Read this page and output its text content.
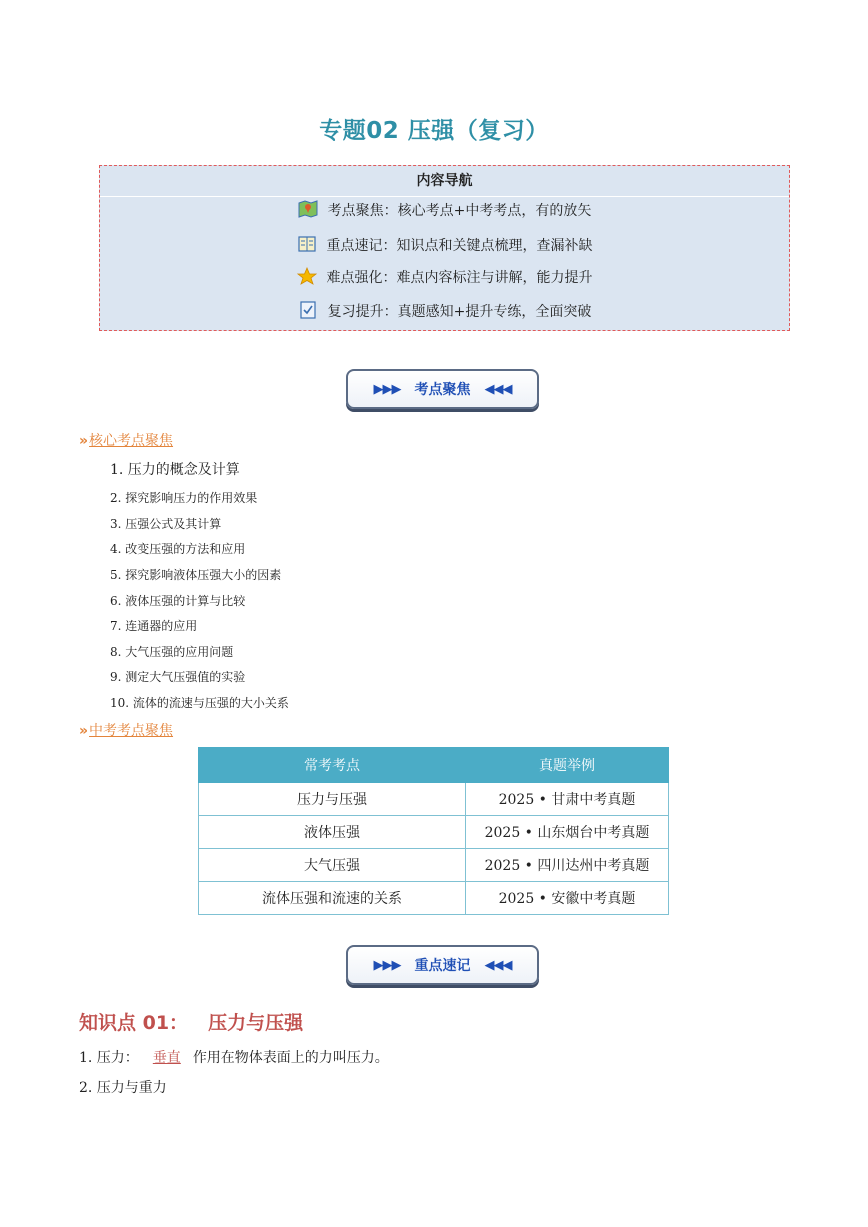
专题02 压强（复习）
内容导航
考点聚焦：核心考点+中考考点，有的放矢
重点速记：知识点和关键点梳理，查漏补缺
难点强化：难点内容标注与讲解，能力提升
复习提升：真题感知+提升专练，全面突破
▶▶▶ 考点聚焦 ◀◀◀
»核心考点聚焦
1. 压力的概念及计算
2. 探究影响压力的作用效果
3. 压强公式及其计算
4. 改变压强的方法和应用
5. 探究影响液体压强大小的因素
6. 液体压强的计算与比较
7. 连通器的应用
8. 大气压强的应用问题
9. 测定大气压强值的实验
10. 流体的流速与压强的大小关系
»中考考点聚焦
常考考点	真题举例
压力与压强	2025 • 甘肃中考真题
液体压强	2025 • 山东烟台中考真题
大气压强	2025 • 四川达州中考真题
流体压强和流速的关系	2025 • 安徽中考真题
▶▶▶ 重点速记 ◀◀◀
知识点 01： 压力与压强
1. 压力： 垂直 作用在物体表面上的力叫压力。
2. 压力与重力
